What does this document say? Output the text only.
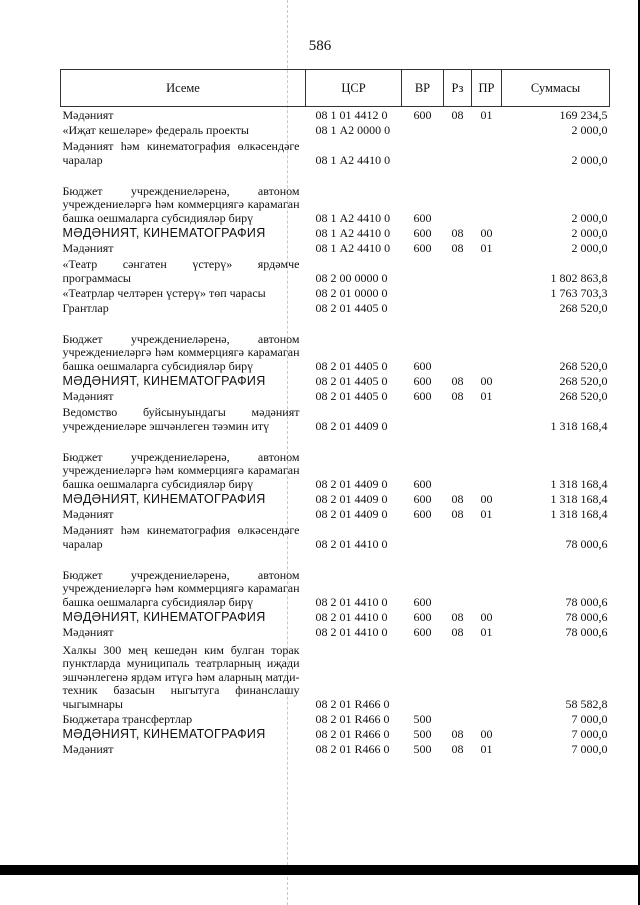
586
Исеме	ЦСР	ВР	Рз	ПР	Суммасы
Мәдәният	08 1 01 4412 0	600	08	01	169 234,5
«Иҗат кешеләре» федераль проекты	08 1 А2 0000 0				2 000,0
Мәдәният һәм кинематография өлкәсендәге чаралар	08 1 А2 4410 0				2 000,0
Бюджет учреждениеләренә, автоном учреждениеләргә һәм коммерциягә карамаган башка оешмаларга субсидияләр бирү	08 1 А2 4410 0	600			2 000,0
МӘДӘНИЯТ, КИНЕМАТОГРАФИЯ	08 1 А2 4410 0	600	08	00	2 000,0
Мәдәният	08 1 А2 4410 0	600	08	01	2 000,0
«Театр сәнгатен үстерү» ярдәмче программасы	08 2 00 0000 0				1 802 863,8
«Театрлар челтәрен үстерү» төп чарасы	08 2 01 0000 0				1 763 703,3
Грантлар	08 2 01 4405 0				268 520,0
Бюджет учреждениеләренә, автоном учреждениеләргә һәм коммерциягә карамаган башка оешмаларга субсидияләр бирү	08 2 01 4405 0	600			268 520,0
МӘДӘНИЯТ, КИНЕМАТОГРАФИЯ	08 2 01 4405 0	600	08	00	268 520,0
Мәдәният	08 2 01 4405 0	600	08	01	268 520,0
Ведомство буйсынуындагы мәдәният учреждениеләре эшчәнлеген тәэмин итү	08 2 01 4409 0				1 318 168,4
Бюджет учреждениеләренә, автоном учреждениеләргә һәм коммерциягә карамаган башка оешмаларга субсидияләр бирү	08 2 01 4409 0	600			1 318 168,4
МӘДӘНИЯТ, КИНЕМАТОГРАФИЯ	08 2 01 4409 0	600	08	00	1 318 168,4
Мәдәният	08 2 01 4409 0	600	08	01	1 318 168,4
Мәдәният һәм кинематография өлкәсендәге чаралар	08 2 01 4410 0				78 000,6
Бюджет учреждениеләренә, автоном учреждениеләргә һәм коммерциягә карамаган башка оешмаларга субсидияләр бирү	08 2 01 4410 0	600			78 000,6
МӘДӘНИЯТ, КИНЕМАТОГРАФИЯ	08 2 01 4410 0	600	08	00	78 000,6
Мәдәният	08 2 01 4410 0	600	08	01	78 000,6
Халкы 300 мең кешедән ким булган торак пунктларда муниципаль театрларның иҗади эшчәнлегенә ярдәм итүгә һәм аларның матди-техник базасын ныгытуга финанслашу чыгымнары	08 2 01 R466 0				58 582,8
Бюджетара трансфертлар	08 2 01 R466 0	500			7 000,0
МӘДӘНИЯТ, КИНЕМАТОГРАФИЯ	08 2 01 R466 0	500	08	00	7 000,0
Мәдәният	08 2 01 R466 0	500	08	01	7 000,0
